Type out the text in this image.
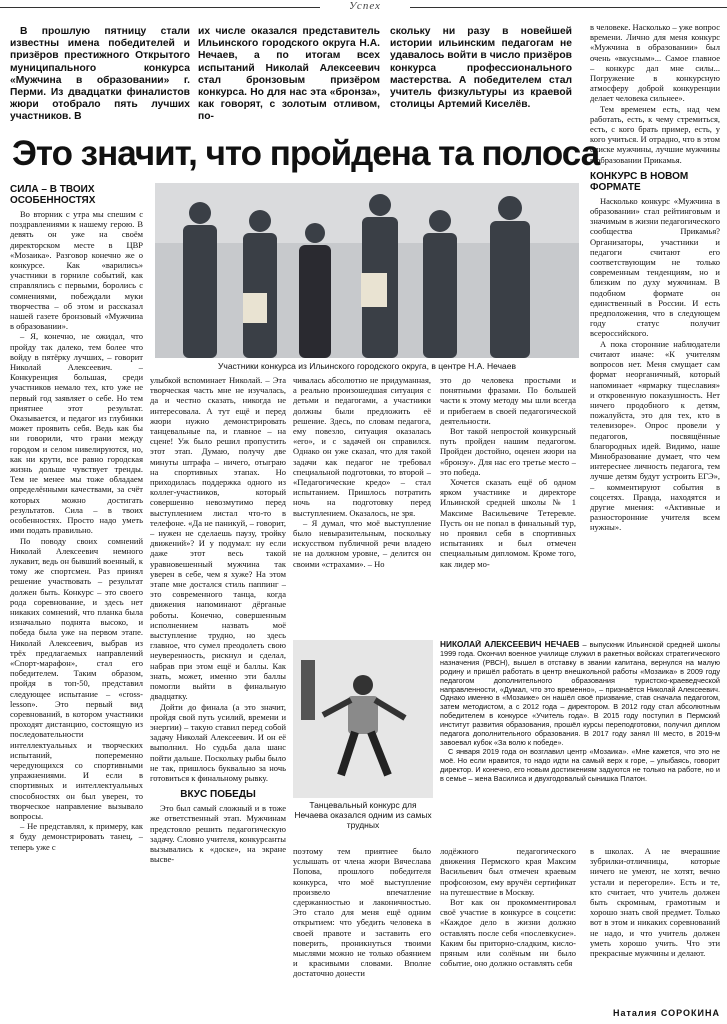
Успех

В прошлую пятницу стали известны имена победителей и призёров престижного Открытого муниципального конкурса «Мужчина в образовании» г. Перми. Из двадцатки финалистов жюри отобрало пять лучших участников. В

их числе оказался представитель Ильинского городского округа Н.А. Нечаев, а по итогам всех испытаний Николай Алексеевич стал бронзовым призёром конкурса. Но для нас эта «бронза», как говорят, с золотым отливом, по-

скольку ни разу в новейшей истории ильинским педагогам не удавалось войти в число призёров конкурса профессионального мастерства. А победителем стал учитель физкультуры из краевой столицы Артемий Киселёв.

Это значит, что пройдена та полоса
СИЛА – В ТВОИХ ОСОБЕННОСТЯХ

Во вторник с утра мы спешим с поздравлениями к нашему герою. В девять он уже на своём директорском месте в ЦВР «Мозаика». Разговор конечно же о конкурсе. Как «варились» участники в горниле событий, как справлялись с первыми, боролись с сомнениями, побеждали муки творчества – об этом и рассказал нашей газете бронзовый «Мужчина в образовании».

– Я, конечно, не ожидал, что пройду так далеко, тем более что войду в пятёрку лучших, – говорит Николай Алексеевич. – Конкуренция большая, среди участников немало тех, кто уже не первый год заявляет о себе. Но тем приятнее этот результат. Оказывается, и педагог из глубинки может проявить себя. Ведь как бы ни говорили, что грани между городом и селом нивелируются, но, как ни крути, все равно городская жизнь дольше чувствует тренды. Тем не менее мы тоже обладаем определёнными качествами, за счёт которых можно достигать результатов. Сила – в твоих особенностях. Просто надо уметь ими подать правильно.

По поводу своих сомнений Николай Алексеевич немного лукавит, ведь он бывший военный, к тому же спортсмен. Раз принял решение участвовать – результат должен быть. Конкурс – это своего рода соревнование, и здесь нет никаких сомнений, что планка была изначально поднята высоко, и победа была уже на первом этапе. Николай Алексеевич, выбрав из трёх предлагаемых направлений «Спорт-марафон», стал его победителем. Таким образом, пройдя в топ-50, представил следующее испытание – «cross-lesson». Это первый вид соревнований, в котором участники проходят дистанцию, состоящую из последовательности интеллектуальных и творческих испытаний, попеременно чередующихся со спортивными упражнениями. И если в спортивных и интеллектуальных способностях он был уверен, то творческое направление вызывало вопросы.

– Не представлял, к примеру, как я буду демонстрировать танец, – теперь уже с

Участники конкурса из Ильинского городского округа, в центре Н.А. Нечаев

улыбкой вспоминает Николай. – Эта творческая часть мне не изучалась, да и честно сказать, никогда не интересовала. А тут ещё и перед жюри нужно демонстрировать танцевальные па, и главное – на сцене! Уж было решил пропустить этот этап. Думаю, получу две минуты штрафа – ничего, отыграю на спортивных этапах. Но приходилась поддержка одного из коллег-участников, который совершенно невозмутимо перед выступлением листал что-то в телефоне. «Да не паникуй, – говорит, – нужен не сделаешь паузу, тройку движений»? И у подумал: ну если даже этот весь такой уравновешенный мужчина так уверен в себе, чем я хуже? На этом этапе мне достался стиль паппинг – это современного танца, когда движения напоминают дёрганые роботы. Конечно, совершенным исполнением назвать моё выступление трудно, но здесь главное, что сумел преодолеть свою неуверенность, рискнул и сделал, набрав при этом ещё и баллы. Как знать, может, именно эти баллы помогли выйти в финальную двадцатку.

Дойти до финала (а это значит, пройдя свой путь усилий, времени и энергии) – такую ставил перед собой задачу Николай Алексеевич. И он её выполнил. Но судьба дала шанс пойти дальше. Поскольку рыбы было не так, пришлось буквально за ночь готовиться к финальному рывку.

ВКУС ПОБЕДЫ

Это был самый сложный и в тоже же ответственный этап. Мужчинам предстояло решить педагогическую задачу. Словно учителя, конкурсанты вызывались к «доске», на экране высве-

чивалась абсолютно не придуманная, а реально произошедшая ситуация с детьми и педагогами, а участники должны были предложить её решение. Здесь, по словам педагога, ему повезло, ситуация оказалась «его», и с задачей он справился. Однако он уже сказал, что для такой задачи как педагог не требовал специальной подготовки, то второй – «Педагогические кредо» – стал испытанием. Пришлось потратить ночь на подготовку перед выступлением. Оказалось, не зря.

– Я думал, что моё выступление было невыразительным, поскольку искусством публичной речи владею не на должном уровне, – делится он своими «страхами». – Но

Танцевальный конкурс для Нечаева оказался одним из самых трудных

поэтому тем приятнее было услышать от члена жюри Вячеслава Попова, прошлого победителя конкурса, что моё выступление произвело впечатление сдержанностью и лаконичностью. Это стало для меня ещё одним открытием: что убедить человека в своей правоте и заставить его поверить, проникнуться твоими мыслями можно не только обаянием и красивыми словами. Вполне достаточно донести

это до человека простыми и понятными фразами. По большей части к этому методу мы шли всегда и прибегаем в своей педагогической деятельности.

Вот такой непростой конкурсный путь пройден нашим педагогом. Пройден достойно, оценен жюри на «бронзу». Для нас его третье место – это победа.

Хочется сказать ещё об одном ярком участнике и директоре Ильинской средней школы № 1 Максиме Васильевиче Тетеревле. Пусть он не попал в финальный тур, но проявил себя в спортивных испытаниях и был отмечен специальным дипломом. Кроме того, как лидер мо-

НИКОЛАЙ АЛЕКСЕЕВИЧ НЕЧАЕВ – выпускник Ильинской средней школы 1999 года. Окончил военное училище служил в ракетных войсках стратегического назначения (РВСН), вышел в отставку в звании капитана, вернулся на малую родину и пришёл работать в центр внешкольной работы «Мозаика» в 2009 году педагогом дополнительного образования туристско-краеведческой направленности, «Думал, что это временно», – признаётся Николай Алексеевич. Однако именно в «Мозаике» он нашёл своё призвание, став сначала педагогом, затем методистом, а с 2012 года – директором. В 2012 году стал абсолютным победителем в конкурсе «Учитель года». В 2015 году поступил в Пермский институт развития образования, прошёл курсы переподготовки, получил диплом педагога дополнительного образования. В 2017 году занял III место, в 2019-м завоевал кубок «За волю к победе».
С января 2019 года он возглавил центр «Мозаика». «Мне кажется, что это не моё. Но если нравится, то надо идти на самый верх к горе, – улыбаясь, говорит директор. И конечно, его новым достижениям задуются не только на работе, но и в семье – жена Василиса и двухгодовалый сынишка Платон.

лодёжного педагогического движения Пермского края Максим Васильевич был отмечен краевым профсоюзом, ему вручён сертификат на путешествие в Москву.

Вот как он прокомментировал своё участие в конкурсе в соцсети: «Каждое дело в жизни должно оставлять после себя «послевкусие». Каким бы приторно-сладким, кисло-пряным или солёным ни было событие, оно должно оставлять себя

в человеке. Насколько – уже вопрос времени. Лично для меня конкурс «Мужчина в образовании» был очень «вкусным»... Самое главное – конкурс дал мне силы... Погружение в конкурсную атмосферу доброй конкуренции делает человека сильнее».

Тем временем есть, над чем работать, есть, к чему стремиться, есть, с кого брать пример, есть, у кого учиться. И отрадно, что в этом списке мужчины, лучшие мужчины в образовании Прикамья.

КОНКУРС В НОВОМ ФОРМАТЕ

Насколько конкурс «Мужчина в образовании» стал рейтинговым и значимым в жизни педагогического сообщества Прикамья? Организаторы, участники и педагоги считают его соответствующим не только современным тенденциям, но и близким по духу мужчинам. В подобном формате он единственный в России. И есть предположения, что в следующем году статус получит всероссийского.

А пока сторонние наблюдатели считают иначе: «К учителям вопросов нет. Меня смущает сам формат неорганичный, который напоминает «ярмарку тщеславия» и откровенную показушность. Нет ничего продобного к детям, пожалуйста, это для тех, кто в телевизоре». Опрос провели у педагогов, посвящённые благородных идей. Видимо, наше Минобразование думает, что чем интереснее личность педагога, тем лучше детям будут устроить ЕГЭ», – комментируют события в соцсетях. Правда, находятся и другие мнения: «Активные и разносторонние учителя всем нужны».

в школах. А не вчерашние зубрилки-отличницы, которые ничего не умеют, не хотят, вечно устали и перегорели». Есть и те, кто считает, что учитель должен быть скромным, грамотным и хорошо знать свой предмет. Только вот в этом и никаких соревнований не надо, и что учитель должен уметь хорошо учить. Что эти прекрасные мужчины и делают.

Наталия СОРОКИНА
